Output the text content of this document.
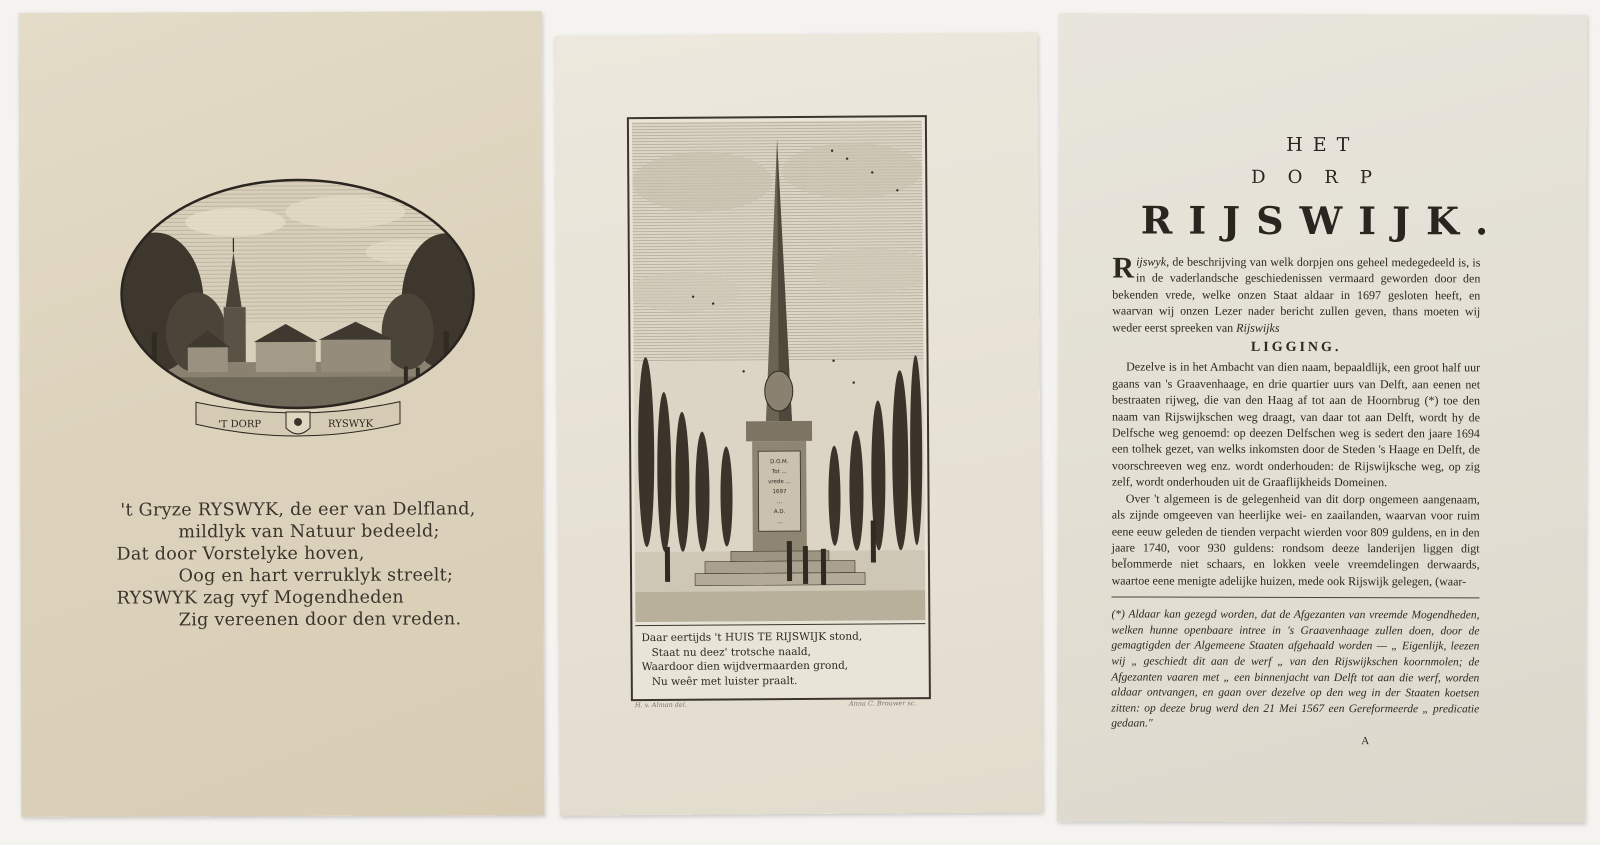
'T DORP	RYSWYK
't Gryze RYSWYK, de eer van Delfland,
mildlyk van Natuur bedeeld;
Dat door Vorstelyke hoven,
Oog en hart verruklyk streelt;
RYSWYK zag vyf Mogendheden
Zig vereenen door den vreden.
D.O.M.
Tot ...
vrede ...
1697
...
A.D.
...
Daar eertijds 't HUIS TE RIJSWIJK stond,
Staat nu deez' trotsche naald,
Waardoor dien wijdvermaarden grond,
Nu weêr met luister praalt.
H. v. Alman del.	Anna C. Brouwer sc.
HET
DORP
RIJSWIJK.

Rijswyk, de beschrijving van welk dorpjen ons geheel medegedeeld is, is in de vaderlandsche geschiedenissen vermaard geworden door den bekenden vrede, welke onzen Staat aldaar in 1697 gesloten heeft, en waarvan wij onzen Lezer nader bericht zullen geven, thans moeten wij weder eerst spreeken van Rijswijks

LIGGING.

Dezelve is in het Ambacht van dien naam, bepaaldlijk, een groot half uur gaans van 's Graavenhaage, en drie quartier uurs van Delft, aan eenen net bestraaten rijweg, die van den Haag af tot aan de Hoornbrug (*) toe den naam van Rijswijkschen weg draagt, van daar tot aan Delft, wordt hy de Delfsche weg genoemd: op deezen Delfschen weg is sedert den jaare 1694 een tolhek gezet, van welks inkomsten door de Steden 's Haage en Delft, de voorschreeven weg enz. wordt onderhouden: de Rijswijksche weg, op zig zelf, wordt onderhouden uit de Graaflijkheids Domeinen.

Over 't algemeen is de gelegenheid van dit dorp ongemeen aangenaam, als zijnde omgeeven van heerlijke wei- en zaailanden, waarvan voor ruim eene eeuw geleden de tienden verpacht wierden voor 809 guldens, en in den jaare 1740, voor 930 guldens: rondsom deeze landerijen liggen digt beÏommerde niet schaars, en lokken veele vreemdelingen derwaards, waartoe eene menigte adelijke huizen, mede ook Rijswijk gelegen, (waar-

(*) Aldaar kan gezegd worden, dat de Afgezanten van vreemde Mogendheden, welken hunne openbaare intree in 's Graavenhaage zullen doen, door de gemagtigden der Algemeene Staaten afgehaald worden — „ Eigenlijk, leezen wij „ geschiedt dit aan de werf „ van den Rijswijkschen koornmolen; de Afgezanten vaaren met „ een binnenjacht van Delft tot aan die werf, worden aldaar ontvangen, en gaan over dezelve op den weg in der Staaten koetsen zitten: op deeze brug werd den 21 Mei 1567 een Gereformeerde „ predicatie gedaan."

A
